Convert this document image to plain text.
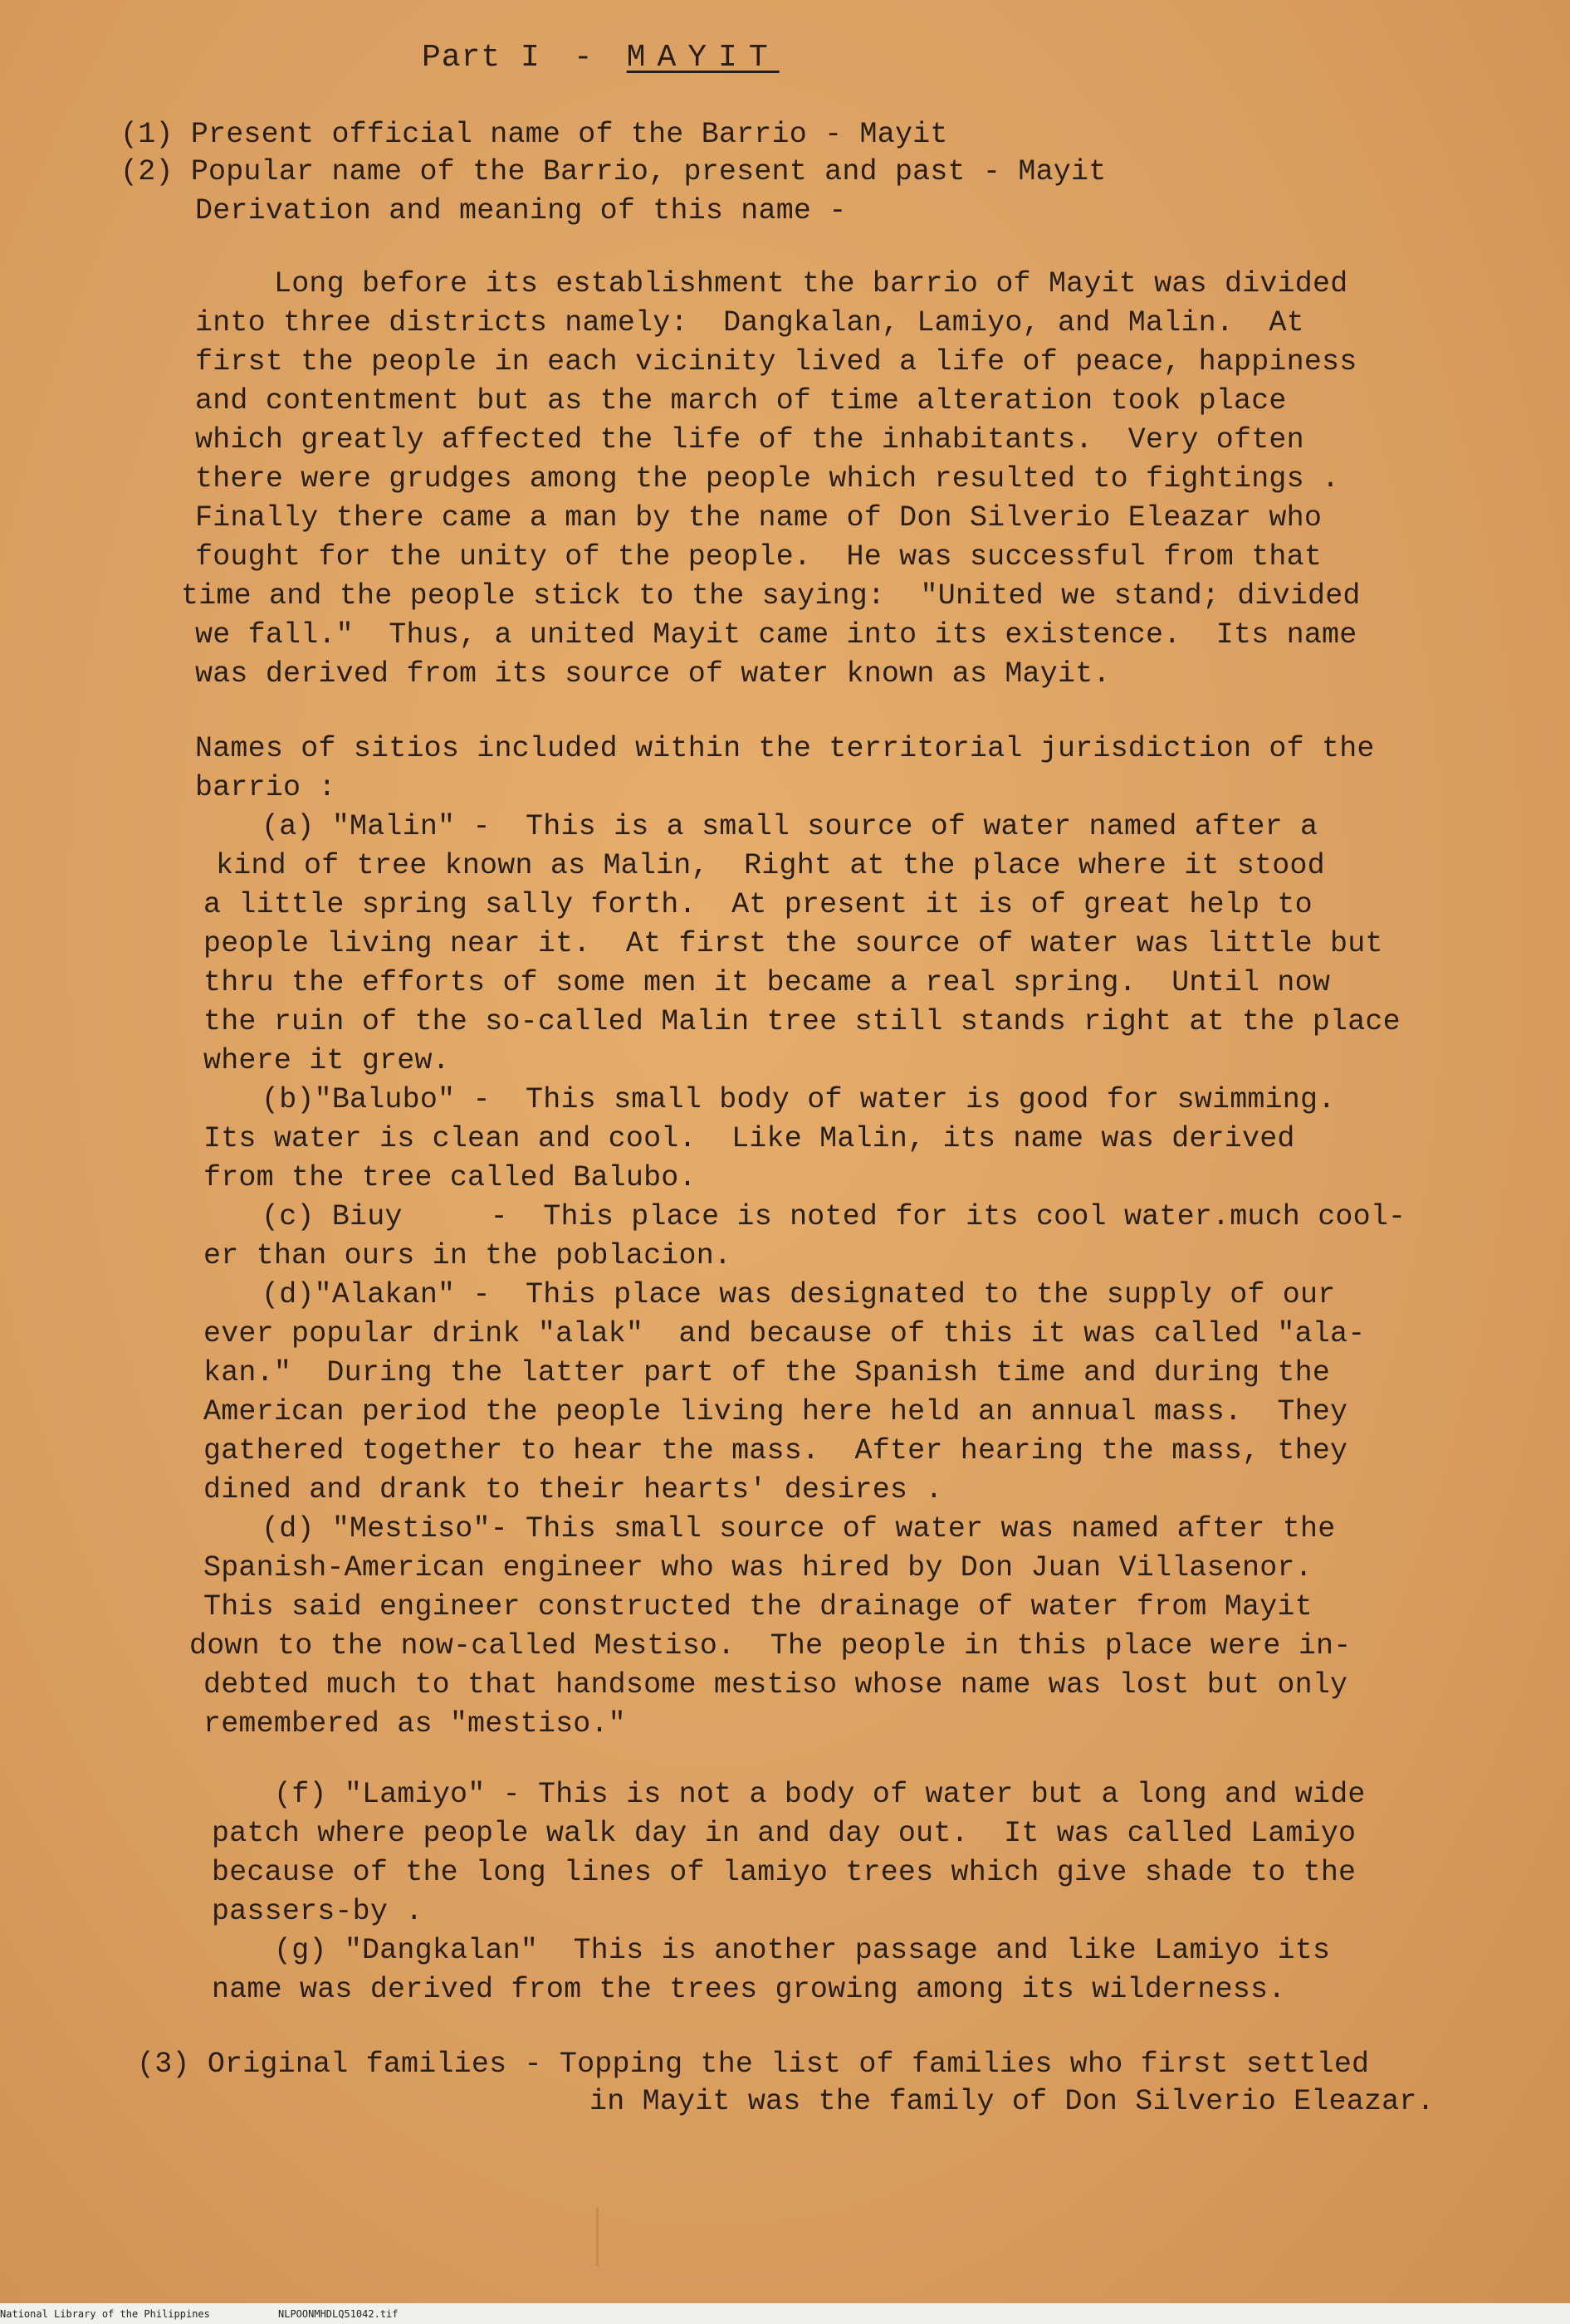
Part I - MAYIT
(1) Present official name of the Barrio - Mayit
(2) Popular name of the Barrio, present and past - Mayit
Derivation and meaning of this name -
Long before its establishment the barrio of Mayit was divided
into three districts namely:  Dangkalan, Lamiyo, and Malin.  At
first the people in each vicinity lived a life of peace, happiness
and contentment but as the march of time alteration took place
which greatly affected the life of the inhabitants.  Very often
there were grudges among the people which resulted to fightings .
Finally there came a man by the name of Don Silverio Eleazar who
fought for the unity of the people.  He was successful from that
time and the people stick to the saying:  "United we stand; divided
we fall."  Thus, a united Mayit came into its existence.  Its name
was derived from its source of water known as Mayit.
Names of sitios included within the territorial jurisdiction of the
barrio :
(a) "Malin" -  This is a small source of water named after a
kind of tree known as Malin,  Right at the place where it stood
a little spring sally forth.  At present it is of great help to
people living near it.  At first the source of water was little but
thru the efforts of some men it became a real spring.  Until now
the ruin of the so-called Malin tree still stands right at the place
where it grew.
(b)"Balubo" -  This small body of water is good for swimming.
Its water is clean and cool.  Like Malin, its name was derived
from the tree called Balubo.
(c) Biuy     -  This place is noted for its cool water.much cool-
er than ours in the poblacion.
(d)"Alakan" -  This place was designated to the supply of our
ever popular drink "alak"  and because of this it was called "ala-
kan."  During the latter part of the Spanish time and during the
American period the people living here held an annual mass.  They
gathered together to hear the mass.  After hearing the mass, they
dined and drank to their hearts' desires .
(d) "Mestiso"- This small source of water was named after the
Spanish-American engineer who was hired by Don Juan Villasenor.
This said engineer constructed the drainage of water from Mayit
down to the now-called Mestiso.  The people in this place were in-
debted much to that handsome mestiso whose name was lost but only
remembered as "mestiso."
(f) "Lamiyo" - This is not a body of water but a long and wide
patch where people walk day in and day out.  It was called Lamiyo
because of the long lines of lamiyo trees which give shade to the
passers-by .
(g) "Dangkalan"  This is another passage and like Lamiyo its
name was derived from the trees growing among its wilderness.
(3) Original families - Topping the list of families who first settled
in Mayit was the family of Don Silverio Eleazar.
National Library of the Philippines	NLPOONMHDLQ51042.tif
